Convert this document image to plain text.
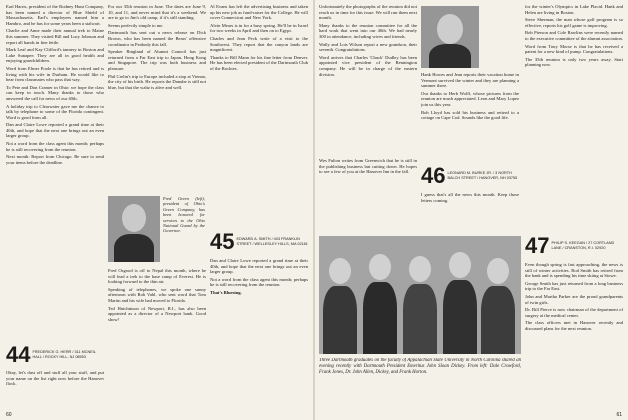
Earl Harris, president of the Rodney Hunt Company, has been named a director of Blue Shield of Massachusetts. Earl's employees named him a Hambro, and he has for some years been a stalwart.

Charlie and Anne made their annual trek to Maine this summer. They visited Bill and Lucy Johnson and report all hands in fine fettle.

Mark Leaf and Kay Clifford's tannery in Boston and Lake Sunapee. They are all in good health and enjoying grandchildren.

Word from Elmer Poole is that he has retired and is living with his wife in Durham. He would like to hear from classmates who pass that way.

To Pete and Don Cramer in Ohio: we hope the class can keep in touch. Many thanks to those who answered the call for news of our 40th.

A holiday trip to Clearwater gave me the chance to talk by telephone to some of the Florida contingent. Word is good from all.

Dan and Claire Lowe reported a grand time at their 40th, and hope that the next one brings out an even larger group.

Not a word from the class agent this month; perhaps he is still recovering from the reunion.

Next month: Report from Chicago. Be sure to send your items before the deadline.

44 FREDERICK G. HERR / 311 MCNEIL HALL / ROCKY HILL, NJ 08553

Okay, let's dust off and stuff all your stuff, and put your name on the list right now before the Hanover flock.

For our 35th reunion in June. The dates are June 9, 10, and 11, and never mind that it's a weekend. We are to go to Jim's old camp, if it's still standing.

Seems perfectly simple to me.

Dartmouth has sent out a news release on Dick Brown, who has been named the Bears' offensive coordinator in Peabody this fall.

Speaker Ringland of Alumni Council has just returned from a Far East trip to Japan, Hong Kong and Singapore. The trip was both business and pleasure.

Phil Crelin's trip to Europe included a stop at Vienna, the city of his birth. He reports the Danube is still not blue, but that the waltz is alive and well.

Fred Green (left), president of Ohio's Green Company, has been honored for services to the Ohio National Guard by the Governor.

Fred Osgood is off to Nepal this month, where he will lead a trek to the base camp of Everest. He is looking forward to the thin air.

Speaking of telephones, we spoke one sunny afternoon with Rob Vahl, who sent word that Tom Martin and his wife had moved to Florida.

Ted Hutchinson of Newport, R.I., has also been appointed as a director of a Newport bank. Good show!

Al Evans has left the advertising business and taken up his new job as fund-raiser for the College. He will cover Connecticut and New York.

Alvin Mears is in for a busy spring. He'll be in Israel for two weeks in April and then on to Egypt.

Charles and Jean Peck write of a visit to the Southwest. They report that the canyon lands are magnificent.

Thanks to Bill Mann for his fine letter from Denver. He has been elected president of the Dartmouth Club of the Rockies.

45 EDWARD A. SMITH / 403 FRANKLIN STREET / WELLESLEY HILLS, MA 02181

Dan and Claire Lowe reported a grand time at their 40th, and hope that the next one brings out an even larger group.

Not a word from the class agent this month; perhaps he is still recovering from the reunion.

That's Bluesing.

60

Unfortunately the photographs of the reunion did not reach us in time for this issue. We will run them next month.

Many thanks to the reunion committee for all the hard work that went into our 40th. We had nearly 300 in attendance, including wives and friends.

Wally and Lois Wilson report a new grandson, their seventh. Congratulations.

Word arrives that Charles 'Chuck' Dudley has been appointed vice president of the Bennington company. He will be in charge of the eastern division.	Hank Howes and Jean reports their vacation home in Vermont survived the winter and they are planning a summer there.

Our thanks to Herb Wolff, whose pictures from the reunion are much appreciated. Leon and Mary Lopez join us this year.

Bob Lloyd has sold his business and retired to a cottage on Cape Cod. Sounds like the good life.

46 LEONARD M. BURKE JR. / 3 NORTH BALCH STREET / HANOVER, NH 03755

Wes Fulton writes from Greenwich that he is still in the publishing business but cutting down. He hopes to see a few of you at the Hanover Inn in the fall.

I guess that's all the news this month. Keep those letters coming.

Three Dartmouth graduates on the faculty of Appalachian State University in North Carolina shared an evening recently with Dartmouth President Emeritus John Sloan Dickey. From left: Dale Crawford, Frank Jones, Dr. John Allen, Dickey, and Frank Horton.

for the winter's Olympics in Lake Placid. Hank and Helen are living in Boston.

Steve Sherman, the man whose golf program is so effective, reports his golf game is improving.

Bob Pierson and Cole Rawlins were recently named to the executive committee of the alumni association.

Word from Tony Morse is that he has received a patent for a new kind of pump. Congratulations.

The 35th reunion is only two years away. Start planning now.

47 PHILIP S. KEEGAN / 27 CORTLAND LANE / CRANSTON, R.I. 02920

Even though spring is fast approaching, the news is still of winter activities. Rod Smith has retired from the bank and is spending his time skiing at Stowe.

George Smith has just returned from a long business trip to the Far East.

John and Martha Parker are the proud grandparents of twin girls.

Dr. Bill Pierce is now chairman of the department of surgery at the medical center.

The class officers met in Hanover recently and discussed plans for the next reunion.

61
